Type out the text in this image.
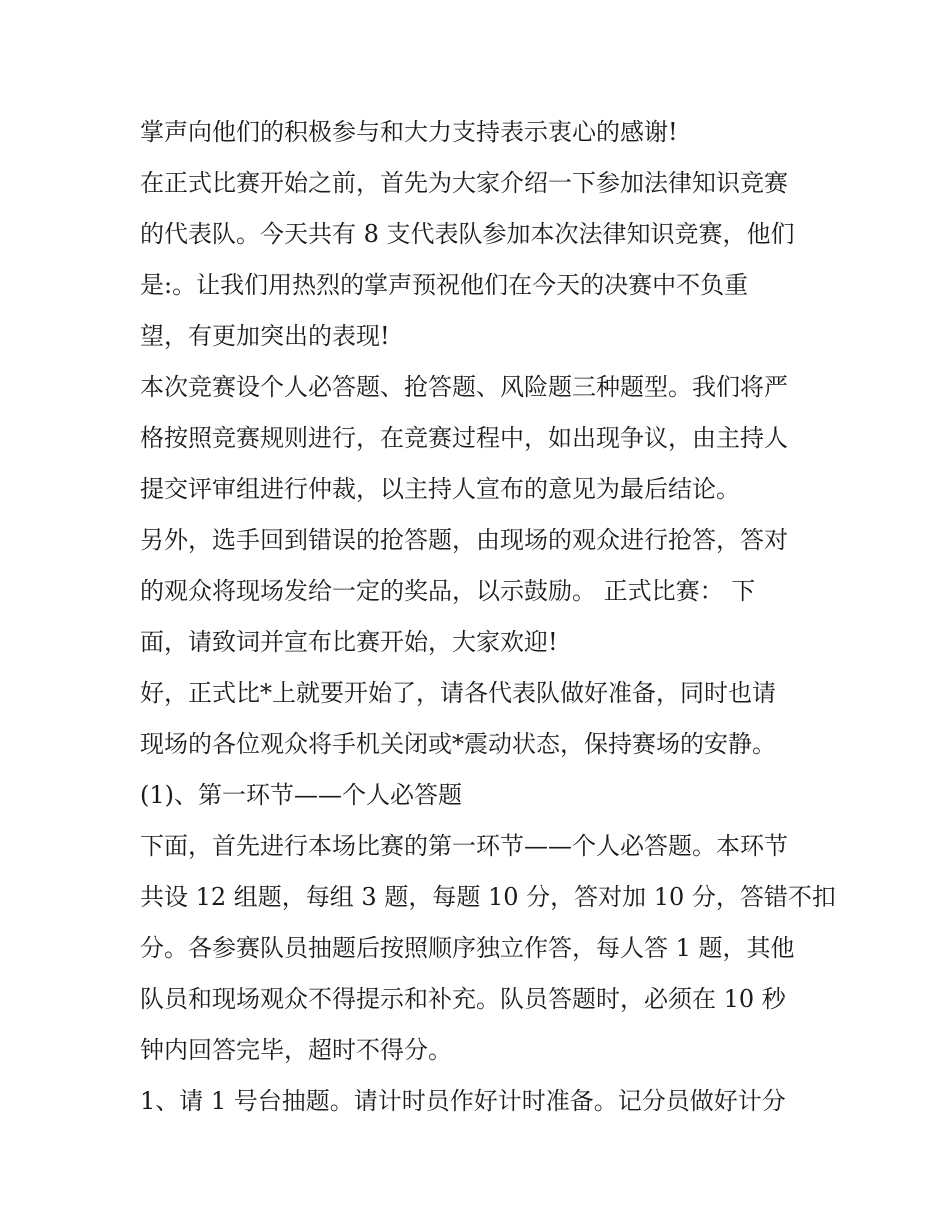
掌声向他们的积极参与和大力支持表示衷心的感谢!
在正式比赛开始之前，首先为大家介绍一下参加法律知识竞赛
的代表队。今天共有 8 支代表队参加本次法律知识竞赛，他们
是:。让我们用热烈的掌声预祝他们在今天的决赛中不负重
望，有更加突出的表现!
本次竞赛设个人必答题、抢答题、风险题三种题型。我们将严
格按照竞赛规则进行，在竞赛过程中，如出现争议，由主持人
提交评审组进行仲裁，以主持人宣布的意见为最后结论。
另外，选手回到错误的抢答题，由现场的观众进行抢答，答对
的观众将现场发给一定的奖品，以示鼓励。 正式比赛： 下
面，请致词并宣布比赛开始，大家欢迎!
好，正式比*上就要开始了，请各代表队做好准备，同时也请
现场的各位观众将手机关闭或*震动状态，保持赛场的安静。
(1)、第一环节——个人必答题
下面，首先进行本场比赛的第一环节——个人必答题。本环节
共设 12 组题，每组 3 题，每题 10 分，答对加 10 分，答错不扣
分。各参赛队员抽题后按照顺序独立作答，每人答 1 题，其他
队员和现场观众不得提示和补充。队员答题时，必须在 10 秒
钟内回答完毕，超时不得分。
1、请 1 号台抽题。请计时员作好计时准备。记分员做好计分
